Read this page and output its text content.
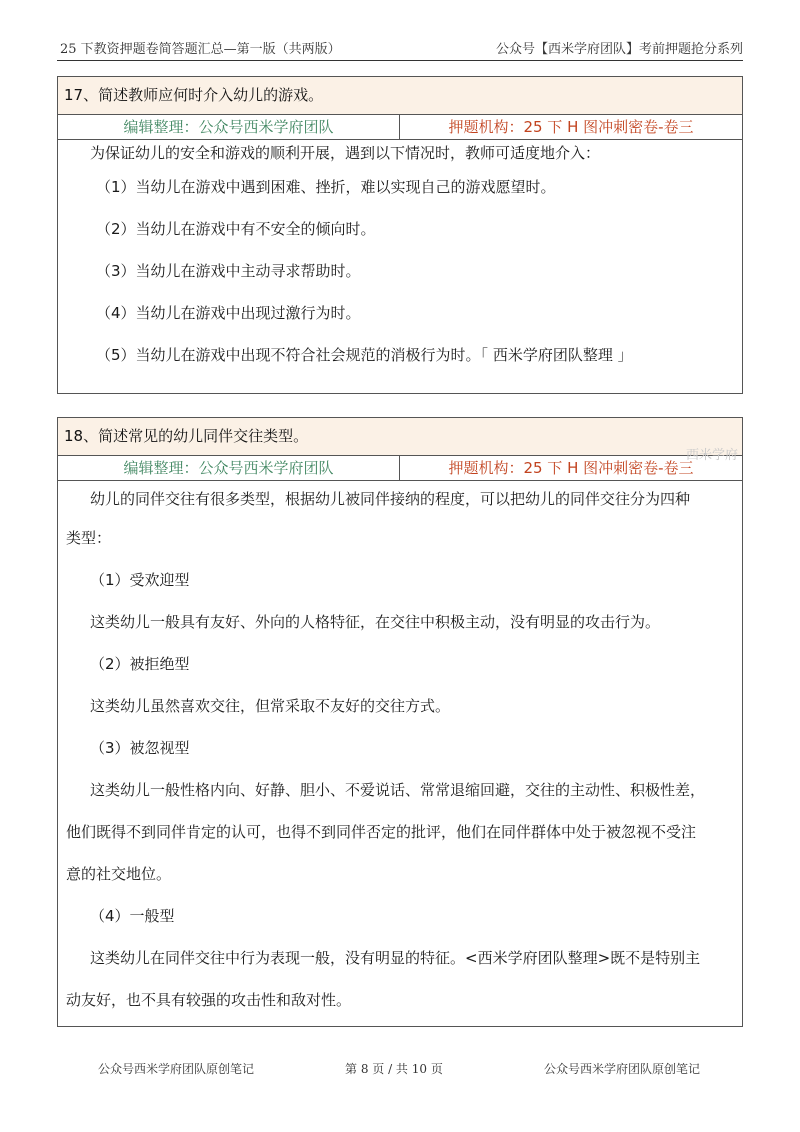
25 下教资押题卷简答题汇总—第一版（共两版）	公众号【西米学府团队】考前押题抢分系列
17、简述教师应何时介入幼儿的游戏。
编辑整理：公众号西米学府团队	押题机构：25 下 H 图冲刺密卷-卷三

为保证幼儿的安全和游戏的顺利开展，遇到以下情况时，教师可适度地介入：

（1）当幼儿在游戏中遇到困难、挫折，难以实现自己的游戏愿望时。

（2）当幼儿在游戏中有不安全的倾向时。

（3）当幼儿在游戏中主动寻求帮助时。

（4）当幼儿在游戏中出现过激行为时。

（5）当幼儿在游戏中出现不符合社会规范的消极行为时。「 西米学府团队整理 」

18、简述常见的幼儿同伴交往类型。
西米学府
编辑整理：公众号西米学府团队	押题机构：25 下 H 图冲刺密卷-卷三

幼儿的同伴交往有很多类型，根据幼儿被同伴接纳的程度，可以把幼儿的同伴交往分为四种

类型：

（1）受欢迎型

这类幼儿一般具有友好、外向的人格特征，在交往中积极主动，没有明显的攻击行为。

（2）被拒绝型

这类幼儿虽然喜欢交往，但常采取不友好的交往方式。

（3）被忽视型

这类幼儿一般性格内向、好静、胆小、不爱说话、常常退缩回避，交往的主动性、积极性差，

他们既得不到同伴肯定的认可，也得不到同伴否定的批评，他们在同伴群体中处于被忽视不受注

意的社交地位。

（4）一般型

这类幼儿在同伴交往中行为表现一般，没有明显的特征。<西米学府团队整理>既不是特别主

动友好，也不具有较强的攻击性和敌对性。

公众号西米学府团队原创笔记	第 8 页 / 共 10 页	公众号西米学府团队原创笔记
